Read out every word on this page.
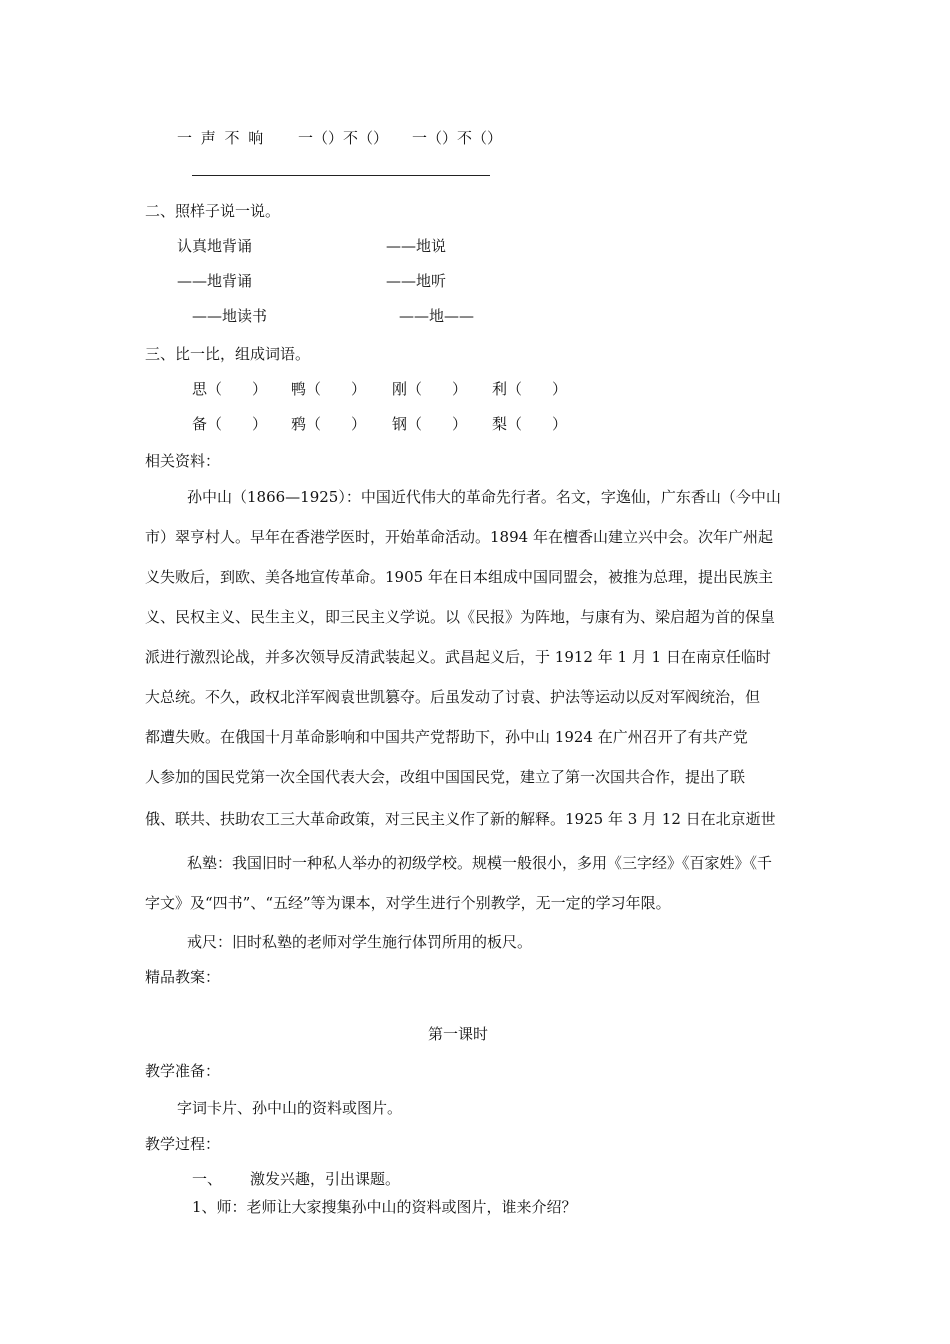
一 声 不 响 一（）不（） 一（）不（）
二、照样子说一说。
认真地背诵	——地说
——地背诵	——地听
——地读书	——地——
三、比一比，组成词语。
思（　　） 鸭（　　） 刚（　　） 利（　　）
备（　　） 鸦（　　） 钢（　　） 梨（　　）
相关资料：

孙中山（1866—1925）：中国近代伟大的革命先行者。名文，字逸仙，广东香山（今中山

市）翠亨村人。早年在香港学医时，开始革命活动。1894 年在檀香山建立兴中会。次年广州起

义失败后，到欧、美各地宣传革命。1905 年在日本组成中国同盟会，被推为总理，提出民族主

义、民权主义、民生主义，即三民主义学说。以《民报》为阵地，与康有为、梁启超为首的保皇

派进行激烈论战，并多次领导反清武装起义。武昌起义后，于 1912 年 1 月 1 日在南京任临时

大总统。不久，政权北洋军阀袁世凯篡夺。后虽发动了讨袁、护法等运动以反对军阀统治，但

都遭失败。在俄国十月革命影响和中国共产党帮助下，孙中山 1924 在广州召开了有共产党

人参加的国民党第一次全国代表大会，改组中国国民党，建立了第一次国共合作，提出了联

俄、联共、扶助农工三大革命政策，对三民主义作了新的解释。1925 年 3 月 12 日在北京逝世

私塾：我国旧时一种私人举办的初级学校。规模一般很小，多用《三字经》《百家姓》《千

字文》及“四书”、“五经”等为课本，对学生进行个别教学，无一定的学习年限。

戒尺：旧时私塾的老师对学生施行体罚所用的板尺。
精品教案：
第一课时
教学准备：
字词卡片、孙中山的资料或图片。
教学过程：
一、 激发兴趣，引出课题。
1、师：老师让大家搜集孙中山的资料或图片，谁来介绍？
